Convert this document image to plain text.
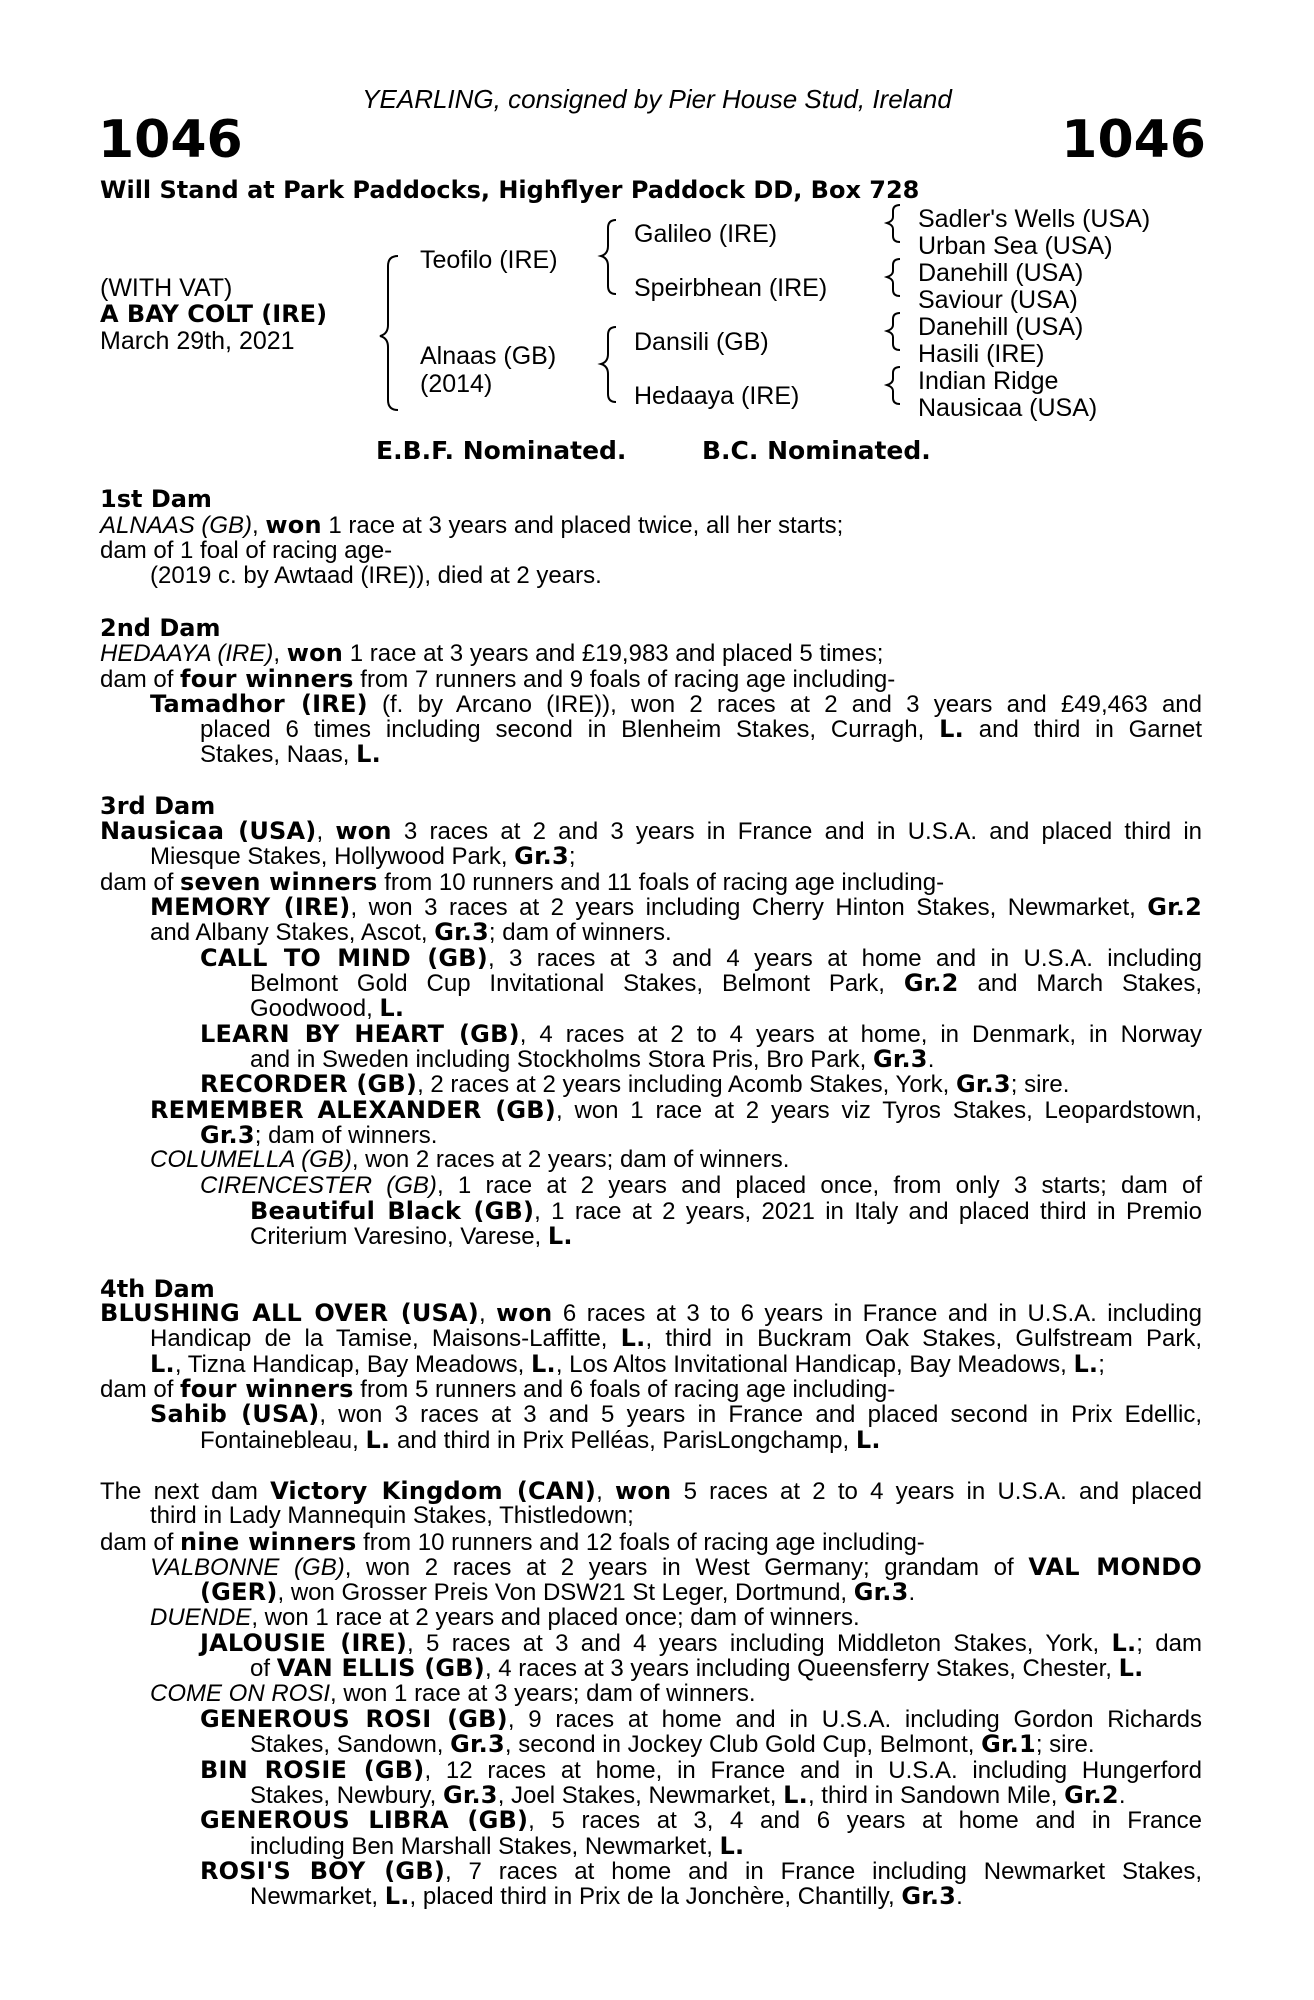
YEARLING, consigned by Pier House Stud, Ireland
1046	1046
Will Stand at Park Paddocks, Highflyer Paddock DD, Box 728
(WITH VAT)
A BAY COLT (IRE)
March 29th, 2021
Teofilo (IRE)
Alnaas (GB)
(2014)
Galileo (IRE)
Speirbhean (IRE)
Dansili (GB)
Hedaaya (IRE)
Sadler's Wells (USA)
Urban Sea (USA)
Danehill (USA)
Saviour (USA)
Danehill (USA)
Hasili (IRE)
Indian Ridge
Nausicaa (USA)
E.B.F. Nominated.	B.C. Nominated.
1st Dam
ALNAAS (GB), won 1 race at 3 years and placed twice, all her starts;
dam of 1 foal of racing age-
(2019 c. by Awtaad (IRE)), died at 2 years.
2nd Dam
HEDAAYA (IRE), won 1 race at 3 years and £19,983 and placed 5 times;
dam of four winners from 7 runners and 9 foals of racing age including-
Tamadhor (IRE) (f. by Arcano (IRE)), won 2 races at 2 and 3 years and £49,463 and
placed 6 times including second in Blenheim Stakes, Curragh, L. and third in Garnet
Stakes, Naas, L.
3rd Dam
Nausicaa (USA), won 3 races at 2 and 3 years in France and in U.S.A. and placed third in
Miesque Stakes, Hollywood Park, Gr.3;
dam of seven winners from 10 runners and 11 foals of racing age including-
MEMORY (IRE), won 3 races at 2 years including Cherry Hinton Stakes, Newmarket, Gr.2
and Albany Stakes, Ascot, Gr.3; dam of winners.
CALL TO MIND (GB), 3 races at 3 and 4 years at home and in U.S.A. including
Belmont Gold Cup Invitational Stakes, Belmont Park, Gr.2 and March Stakes,
Goodwood, L.
LEARN BY HEART (GB), 4 races at 2 to 4 years at home, in Denmark, in Norway
and in Sweden including Stockholms Stora Pris, Bro Park, Gr.3.
RECORDER (GB), 2 races at 2 years including Acomb Stakes, York, Gr.3; sire.
REMEMBER ALEXANDER (GB), won 1 race at 2 years viz Tyros Stakes, Leopardstown,
Gr.3; dam of winners.
COLUMELLA (GB), won 2 races at 2 years; dam of winners.
CIRENCESTER (GB), 1 race at 2 years and placed once, from only 3 starts; dam of
Beautiful Black (GB), 1 race at 2 years, 2021 in Italy and placed third in Premio
Criterium Varesino, Varese, L.
4th Dam
BLUSHING ALL OVER (USA), won 6 races at 3 to 6 years in France and in U.S.A. including
Handicap de la Tamise, Maisons-Laffitte, L., third in Buckram Oak Stakes, Gulfstream Park,
L., Tizna Handicap, Bay Meadows, L., Los Altos Invitational Handicap, Bay Meadows, L.;
dam of four winners from 5 runners and 6 foals of racing age including-
Sahib (USA), won 3 races at 3 and 5 years in France and placed second in Prix Edellic,
Fontainebleau, L. and third in Prix Pelléas, ParisLongchamp, L.
The next dam Victory Kingdom (CAN), won 5 races at 2 to 4 years in U.S.A. and placed
third in Lady Mannequin Stakes, Thistledown;
dam of nine winners from 10 runners and 12 foals of racing age including-
VALBONNE (GB), won 2 races at 2 years in West Germany; grandam of VAL MONDO
(GER), won Grosser Preis Von DSW21 St Leger, Dortmund, Gr.3.
DUENDE, won 1 race at 2 years and placed once; dam of winners.
JALOUSIE (IRE), 5 races at 3 and 4 years including Middleton Stakes, York, L.; dam
of VAN ELLIS (GB), 4 races at 3 years including Queensferry Stakes, Chester, L.
COME ON ROSI, won 1 race at 3 years; dam of winners.
GENEROUS ROSI (GB), 9 races at home and in U.S.A. including Gordon Richards
Stakes, Sandown, Gr.3, second in Jockey Club Gold Cup, Belmont, Gr.1; sire.
BIN ROSIE (GB), 12 races at home, in France and in U.S.A. including Hungerford
Stakes, Newbury, Gr.3, Joel Stakes, Newmarket, L., third in Sandown Mile, Gr.2.
GENEROUS LIBRA (GB), 5 races at 3, 4 and 6 years at home and in France
including Ben Marshall Stakes, Newmarket, L.
ROSI'S BOY (GB), 7 races at home and in France including Newmarket Stakes,
Newmarket, L., placed third in Prix de la Jonchère, Chantilly, Gr.3.
